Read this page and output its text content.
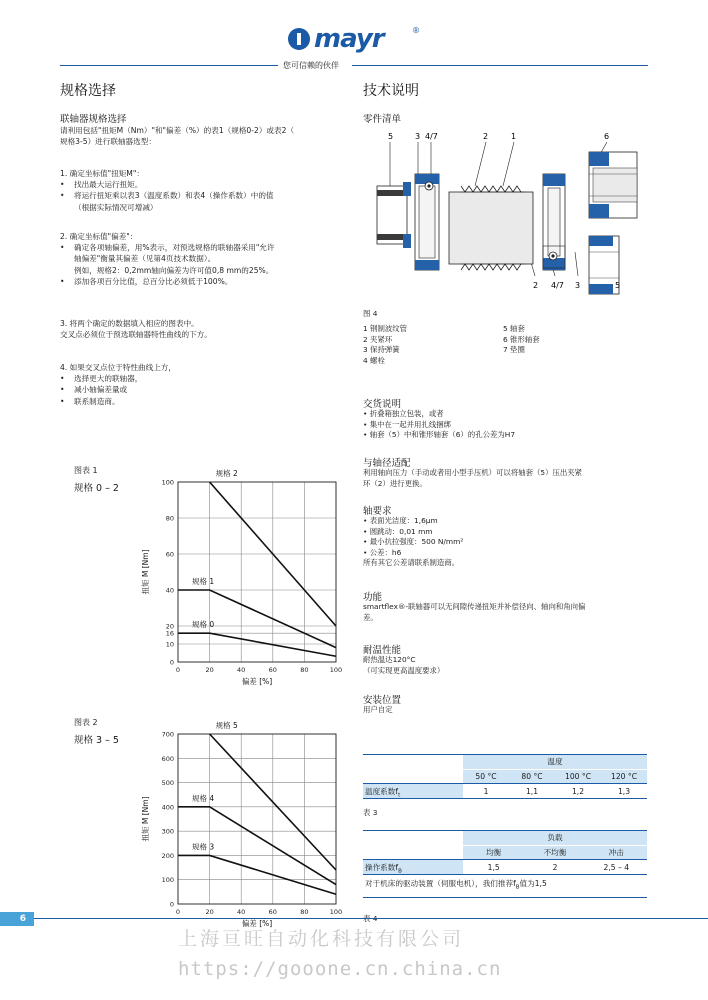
mayr	®
您可信赖的伙伴
规格选择
联轴器规格选择
请利用包括"扭矩M（Nm）"和"偏差（%）的表1（规格0-2）或表2（
规格3-5）进行联轴器选型：
1. 确定坐标值"扭矩M"：
• 找出最大运行扭矩。
• 将运行扭矩乘以表3（温度系数）和表4（操作系数）中的值
（根据实际情况可增减）
2. 确定坐标值"偏差"：
• 确定各项轴偏差，用%表示，对预选规格的联轴器采用"允许
轴偏差"衡量其偏差（见第4页技术数据）。
例如，规格2：0,2mm轴向偏差为许可值0,8 mm的25%。
• 添加各项百分比值，总百分比必须低于100%。
3. 将两个确定的数据填入相应的图表中。
交叉点必须位于预选联轴器特性曲线的下方。
4. 如果交叉点位于特性曲线上方，
• 选择更大的联轴器，
• 减小轴偏差量或
• 联系制造商。
图表 1
规格 0 – 2
0	20	40	60	80	100
0
10
16
20
40
60
80
100
规格 2
规格 1
规格 0
偏差 [%]
扭矩 M [Nm]
图表 2
规格 3 – 5
0	20	40	60	80	100
0
100
200
300
400
500
600
700
规格 5
规格 4
规格 3
偏差 [%]
扭矩 M [Nm]
技术说明
零件清单
5	3 4/7	2	1	6
2 4/7 3	5
图 4
1 钢制波纹管
2 夹紧环
3 保持弹簧
4 螺栓
5 轴套
6 锥形轴套
7 垫圈
交货说明
• 折叠箱独立包装，或者
• 集中在一起并用扎线捆绑
• 轴套（5）中和锥形轴套（6）的孔公差为H7
与轴径适配
利用轴向压力（手动或者用小型手压机）可以将轴套（5）压出夹紧
环（2）进行更换。
轴要求
• 表面光洁度：1,6μm
• 圆跳动：0,01 mm
• 最小抗拉强度：500 N/mm²
• 公差：h6
所有其它公差请联系制造商。
功能
smartflex®-联轴器可以无间隙传递扭矩并补偿径向、轴向和角向偏
差。
耐温性能
耐热温达120°C
（可实现更高温度要求）
安装位置
用户自定
温度
50 °C	80 °C	100 °C	120 °C
温度系数$f_t$	1	1,1	1,2	1,3
表 3
负载
均衡	不均衡	冲击
操作系数$f_B$	1,5	2	2,5 – 4
对于机床的驱动装置（伺服电机），我们推荐$f_B$值为1,5
6
上海亘旺自动化科技有限公司
https://gooone.cn.china.cn
